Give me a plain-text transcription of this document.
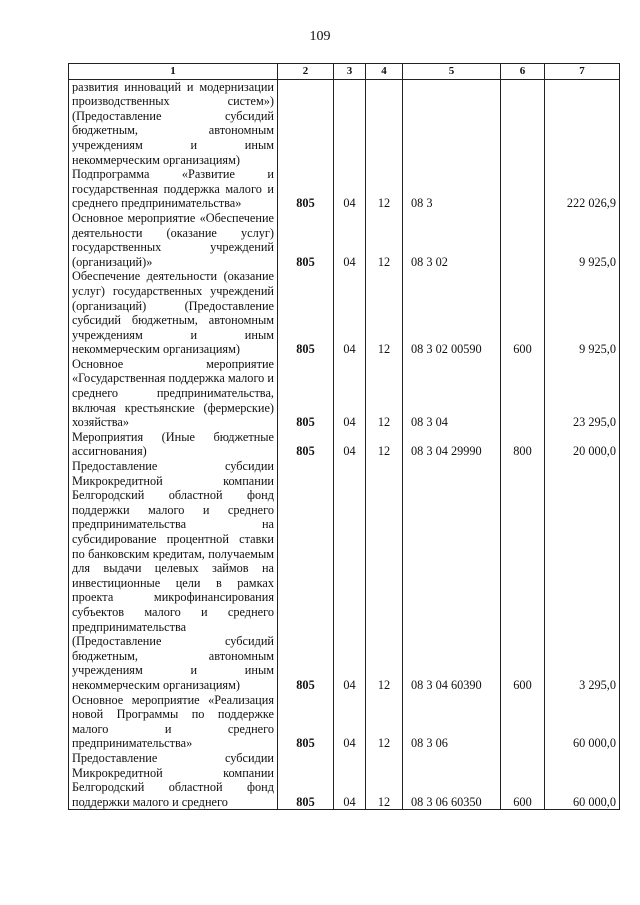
109
1	2	3	4	5	6	7
развития инноваций и модернизации производственных систем») (Предоставление субсидий бюджетным, автономным учреждениям и иным некоммерческим организациям)						
Подпрограмма «Развитие и государственная поддержка малого и среднего предпринимательства»	805	04	12	08 3		222 026,9
Основное мероприятие «Обеспечение деятельности (оказание услуг) государственных учреждений (организаций)»	805	04	12	08 3 02		9 925,0
Обеспечение деятельности (оказание услуг) государственных учреждений (организаций) (Предоставление субсидий бюджетным, автономным учреждениям и иным некоммерческим организациям)	805	04	12	08 3 02 00590	600	9 925,0
Основное мероприятие «Государственная поддержка малого и среднего предпринимательства, включая крестьянские (фермерские) хозяйства»	805	04	12	08 3 04		23 295,0
Мероприятия (Иные бюджетные ассигнования)	805	04	12	08 3 04 29990	800	20 000,0
Предоставление субсидии Микрокредитной компании Белгородский областной фонд поддержки малого и среднего предпринимательства на субсидирование процентной ставки по банковским кредитам, получаемым для выдачи целевых займов на инвестиционные цели в рамках проекта микрофинансирования субъектов малого и среднего предпринимательства (Предоставление субсидий бюджетным, автономным учреждениям и иным некоммерческим организациям)	805	04	12	08 3 04 60390	600	3 295,0
Основное мероприятие «Реализация новой Программы по поддержке малого и среднего предпринимательства»	805	04	12	08 3 06		60 000,0
Предоставление субсидии Микрокредитной компании Белгородский областной фонд поддержки малого и среднего	805	04	12	08 3 06 60350	600	60 000,0
